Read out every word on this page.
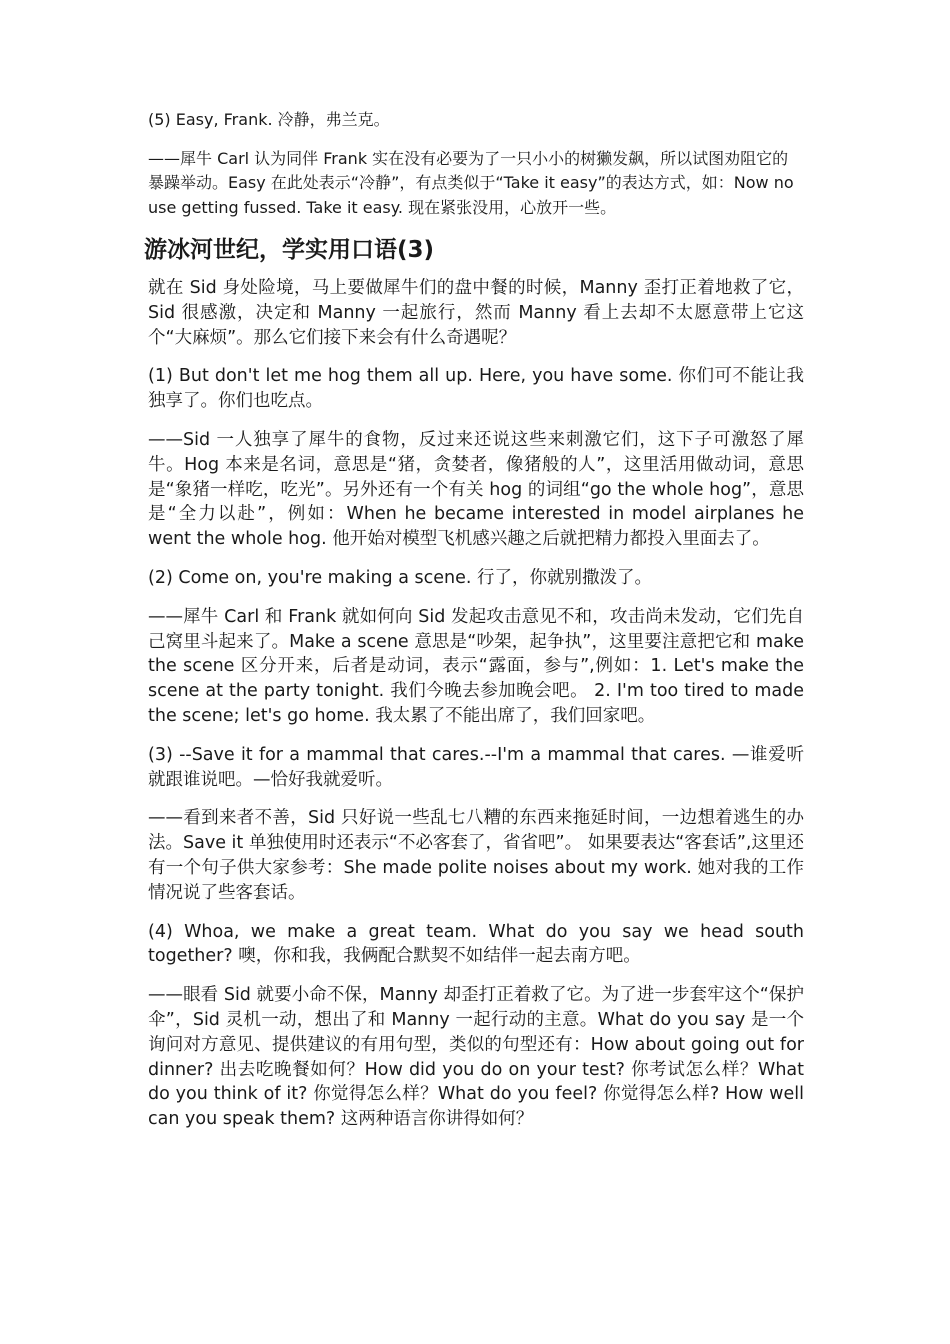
(5) Easy, Frank. 冷静，弗兰克。

——犀牛 Carl 认为同伴 Frank 实在没有必要为了一只小小的树獭发飙，所以试图劝阻它的暴躁举动。Easy 在此处表示“冷静”，有点类似于“Take it easy”的表达方式，如：Now no use getting fussed. Take it easy. 现在紧张没用，心放开一些。

游冰河世纪，学实用口语(3)

就在 Sid 身处险境，马上要做犀牛们的盘中餐的时候，Manny 歪打正着地救了它，Sid 很感激，决定和 Manny 一起旅行，然而 Manny 看上去却不太愿意带上它这个“大麻烦”。那么它们接下来会有什么奇遇呢？

(1) But don't let me hog them all up. Here, you have some. 你们可不能让我独享了。你们也吃点。

——Sid 一人独享了犀牛的食物，反过来还说这些来刺激它们，这下子可激怒了犀牛。Hog 本来是名词，意思是“猪，贪婪者，像猪般的人”，这里活用做动词，意思是“象猪一样吃，吃光”。另外还有一个有关 hog 的词组“go the whole hog”，意思是“全力以赴”，例如：When he became interested in model airplanes he went the whole hog. 他开始对模型飞机感兴趣之后就把精力都投入里面去了。

(2) Come on, you're making a scene. 行了，你就别撒泼了。

——犀牛 Carl 和 Frank 就如何向 Sid 发起攻击意见不和，攻击尚未发动，它们先自己窝里斗起来了。Make a scene 意思是“吵架，起争执”，这里要注意把它和 make the scene 区分开来，后者是动词，表示“露面，参与”,例如：1. Let's make the scene at the party tonight. 我们今晚去参加晚会吧。 2. I'm too tired to made the scene; let's go home. 我太累了不能出席了，我们回家吧。

(3) --Save it for a mammal that cares.--I'm a mammal that cares. —谁爱听就跟谁说吧。—恰好我就爱听。

——看到来者不善，Sid 只好说一些乱七八糟的东西来拖延时间，一边想着逃生的办法。Save it 单独使用时还表示“不必客套了，省省吧”。 如果要表达“客套话”,这里还有一个句子供大家参考：She made polite noises about my work. 她对我的工作情况说了些客套话。

(4) Whoa, we make a great team. What do you say we head south together? 噢，你和我，我俩配合默契不如结伴一起去南方吧。

——眼看 Sid 就要小命不保，Manny 却歪打正着救了它。为了进一步套牢这个“保护伞”，Sid 灵机一动，想出了和 Manny 一起行动的主意。What do you say 是一个询问对方意见、提供建议的有用句型，类似的句型还有：How about going out for dinner? 出去吃晚餐如何？How did you do on your test? 你考试怎么样？What do you think of it? 你觉得怎么样？What do you feel? 你觉得怎么样? How well can you speak them? 这两种语言你讲得如何？
